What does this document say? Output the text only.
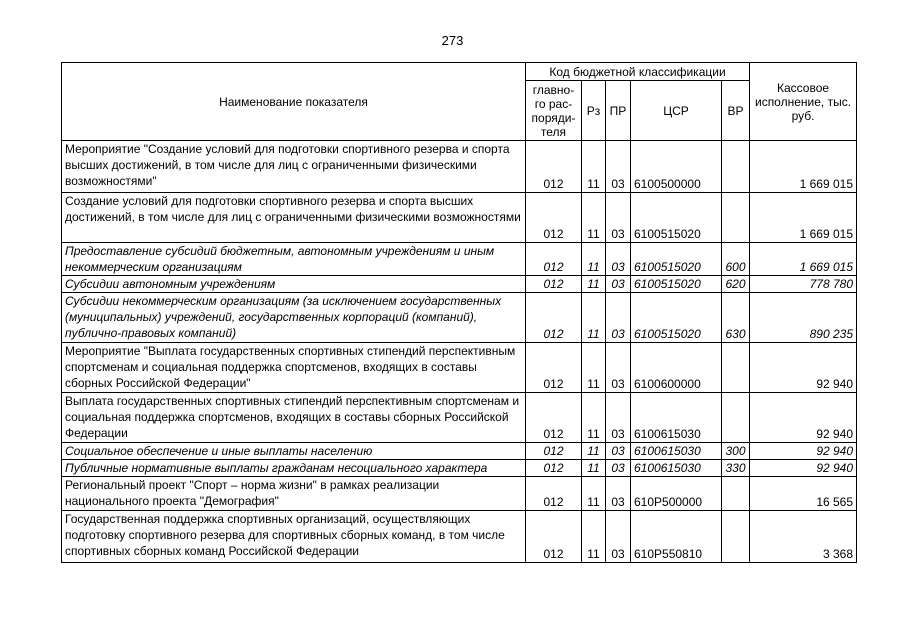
273
Наименование показателя	Код бюджетной классификации					Кассовое исполнение, тыс. руб.
	главно-го рас-поряди-теля	Рз	ПР	ЦСР	ВР	
Мероприятие "Создание условий для подготовки спортивного резерва и спорта высших достижений, в том числе для лиц с ограниченными физическими возможностями"	012	11	03	6100500000		1 669 015
Создание условий для подготовки спортивного резерва и спорта высших достижений, в том числе для лиц с ограниченными физическими возможностями	012	11	03	6100515020		1 669 015
Предоставление субсидий бюджетным, автономным учреждениям и иным некоммерческим организациям	012	11	03	6100515020	600	1 669 015
Субсидии автономным учреждениям	012	11	03	6100515020	620	778 780
Субсидии некоммерческим организациям (за исключением государственных (муниципальных) учреждений, государственных корпораций (компаний), публично-правовых компаний)	012	11	03	6100515020	630	890 235
Мероприятие "Выплата государственных спортивных стипендий перспективным спортсменам и социальная поддержка спортсменов, входящих в составы сборных Российской Федерации"	012	11	03	6100600000		92 940
Выплата государственных спортивных стипендий перспективным спортсменам и социальная поддержка спортсменов, входящих в составы сборных Российской Федерации	012	11	03	6100615030		92 940
Социальное обеспечение и иные выплаты населению	012	11	03	6100615030	300	92 940
Публичные нормативные выплаты гражданам несоциального характера	012	11	03	6100615030	330	92 940
Региональный проект "Спорт – норма жизни" в рамках реализации национального проекта "Демография"	012	11	03	610P500000		16 565
Государственная поддержка спортивных организаций, осуществляющих подготовку спортивного резерва для спортивных сборных команд, в том числе спортивных сборных команд Российской Федерации	012	11	03	610P550810		3 368
